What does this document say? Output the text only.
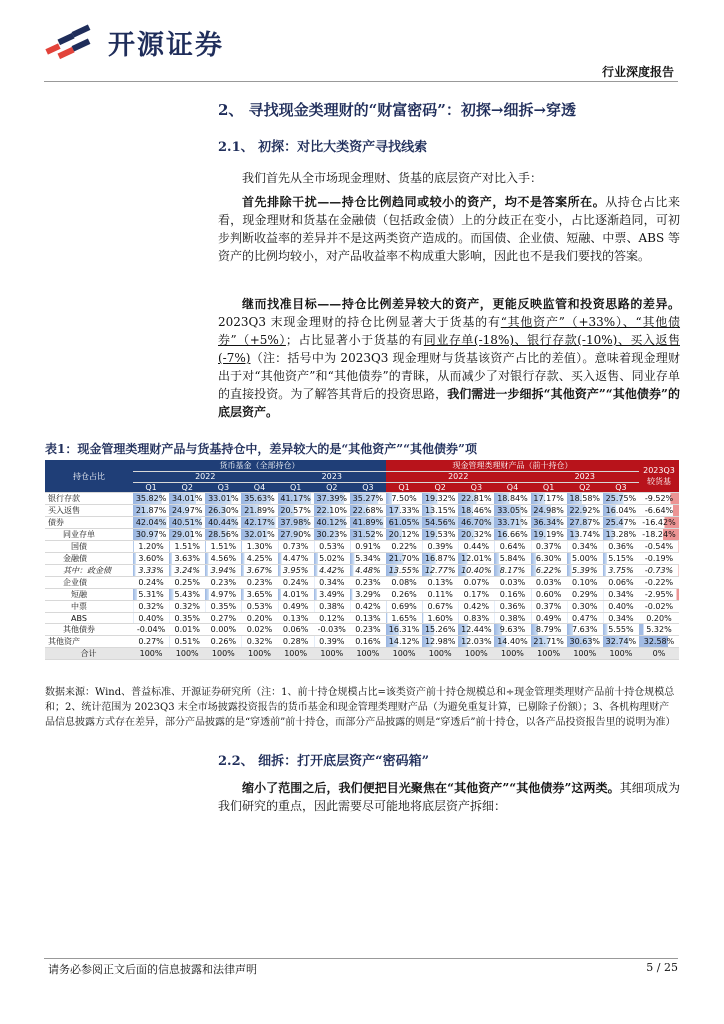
开源证券
行业深度报告
2、 寻找现金类理财的“财富密码”：初探→细拆→穿透
2.1、 初探：对比大类资产寻找线索
我们首先从全市场现金理财、货基的底层资产对比入手：
首先排除干扰——持仓比例趋同或较小的资产，均不是答案所在。从持仓占比来看，现金理财和货基在金融债（包括政金债）上的分歧正在变小，占比逐渐趋同，可初步判断收益率的差异并不是这两类资产造成的。而国债、企业债、短融、中票、ABS 等资产的比例均较小，对产品收益率不构成重大影响，因此也不是我们要找的答案。
继而找准目标——持仓比例差异较大的资产，更能反映监管和投资思路的差异。2023Q3 末现金理财的持仓比例显著大于货基的有“其他资产”（+33%）、“其他债券”（+5%）；占比显著小于货基的有同业存单(-18%)、银行存款(-10%)、买入返售(-7%)（注：括号中为 2023Q3 现金理财与货基该资产占比的差值）。意味着现金理财出于对“其他资产”和“其他债券”的青睐，从而减少了对银行存款、买入返售、同业存单的直接投资。为了解答其背后的投资思路，我们需进一步细拆“其他资产”“其他债券”的底层资产。
表1：现金管理类理财产品与货基持仓中，差异较大的是“其他资产”“其他债券”项
持仓占比	货币基金（全部持仓）							现金管理类理财产品（前十持仓）							2023Q3较货基
	2022				2023			2022				2023			
	Q1	Q2	Q3	Q4	Q1	Q2	Q3	Q1	Q2	Q3	Q4	Q1	Q2	Q3	
银行存款	35.82%	34.01%	33.01%	35.63%	41.17%	37.39%	35.27%	7.50%	19.32%	22.81%	18.84%	17.17%	18.58%	25.75%	-9.52%
买入返售	21.87%	24.97%	26.30%	21.89%	20.57%	22.10%	22.68%	17.33%	13.15%	18.46%	33.05%	24.98%	22.92%	16.04%	-6.64%
债券	42.04%	40.51%	40.44%	42.17%	37.98%	40.12%	41.89%	61.05%	54.56%	46.70%	33.71%	36.34%	27.87%	25.47%	-16.42%
同业存单	30.97%	29.01%	28.56%	32.01%	27.90%	30.23%	31.52%	20.12%	19.53%	20.32%	16.66%	19.19%	13.74%	13.28%	-18.24%
国债	1.20%	1.51%	1.51%	1.30%	0.73%	0.53%	0.91%	0.22%	0.39%	0.44%	0.64%	0.37%	0.34%	0.36%	-0.54%
金融债	3.60%	3.63%	4.56%	4.25%	4.47%	5.02%	5.34%	21.70%	16.87%	12.01%	5.84%	6.30%	5.00%	5.15%	-0.19%
其中：政金债	3.33%	3.24%	3.94%	3.67%	3.95%	4.42%	4.48%	13.55%	12.77%	10.40%	8.17%	6.22%	5.39%	3.75%	-0.73%
企业债	0.24%	0.25%	0.23%	0.23%	0.24%	0.34%	0.23%	0.08%	0.13%	0.07%	0.03%	0.03%	0.10%	0.06%	-0.22%
短融	5.31%	5.43%	4.97%	3.65%	4.01%	3.49%	3.29%	0.26%	0.11%	0.17%	0.16%	0.60%	0.29%	0.34%	-2.95%
中票	0.32%	0.32%	0.35%	0.53%	0.49%	0.38%	0.42%	0.69%	0.67%	0.42%	0.36%	0.37%	0.30%	0.40%	-0.02%
ABS	0.40%	0.35%	0.27%	0.20%	0.13%	0.12%	0.13%	1.65%	1.60%	0.83%	0.38%	0.49%	0.47%	0.34%	0.20%
其他债券	-0.04%	0.01%	0.00%	0.02%	0.06%	-0.03%	0.23%	16.31%	15.26%	12.44%	9.63%	8.79%	7.63%	5.55%	5.32%
其他资产	0.27%	0.51%	0.26%	0.32%	0.28%	0.39%	0.16%	14.12%	12.98%	12.03%	14.40%	21.71%	30.63%	32.74%	32.58%
合计	100%	100%	100%	100%	100%	100%	100%	100%	100%	100%	100%	100%	100%	100%	0%
数据来源：Wind、普益标准、开源证券研究所（注：1、前十持仓规模占比=该类资产前十持仓规模总和÷现金管理类理财产品前十持仓规模总和；2、统计范围为 2023Q3 末全市场披露投资报告的货币基金和现金管理类理财产品（为避免重复计算，已剔除子份额）；3、各机构理财产品信息披露方式存在差异，部分产品披露的是“穿透前”前十持仓，而部分产品披露的则是“穿透后”前十持仓，以各产品投资报告里的说明为准）
2.2、 细拆：打开底层资产“密码箱”
缩小了范围之后，我们便把目光聚焦在“其他资产”“其他债券”这两类。其细项成为我们研究的重点，因此需要尽可能地将底层资产拆细：
请务必参阅正文后面的信息披露和法律声明	5 / 25
